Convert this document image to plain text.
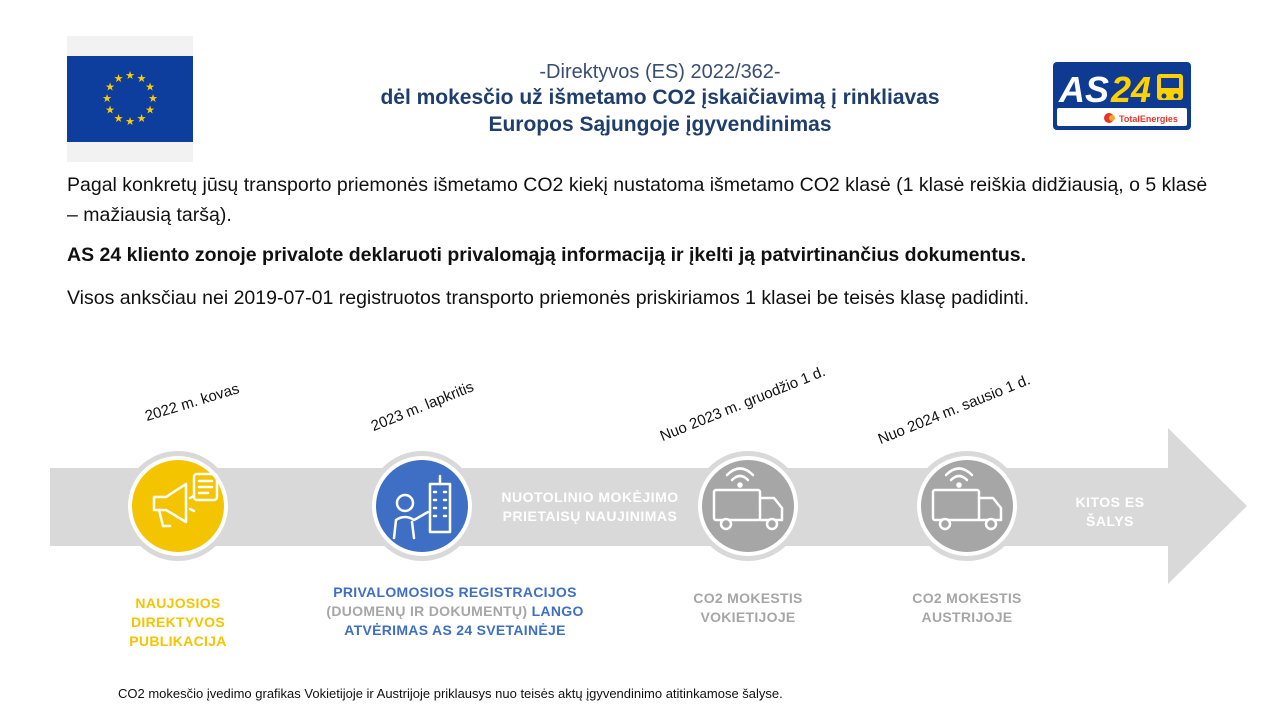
★ ★
★
★
★
★
★
★
★
★
★
★	-Direktyvos (ES) 2022/362-
dėl mokesčio už išmetamo CO2 įskaičiavimą į rinkliavas
Europos Sąjungoje įgyvendinimas
AS 24
TotalEnergies
Pagal konkretų jūsų transporto priemonės išmetamo CO2 kiekį nustatoma išmetamo CO2 klasė (1 klasė reiškia didžiausią, o 5 klasė – mažiausią taršą).
AS 24 kliento zonoje privalote deklaruoti privalomąją informaciją ir įkelti ją patvirtinančius dokumentus.
Visos anksčiau nei 2019-07-01 registruotos transporto priemonės priskiriamos 1 klasei be teisės klasę padidinti.
2022 m. kovas	2023 m. lapkritis	Nuo 2023 m. gruodžio 1 d.	Nuo 2024 m. sausio 1 d.
NUOTOLINIO MOKĖJIMO
PRIETAISŲ NAUJINIMAS
KITOS ES
ŠALYS
NAUJOSIOS
DIREKTYVOS
PUBLIKACIJA
PRIVALOMOSIOS REGISTRACIJOS
(DUOMENŲ IR DOKUMENTŲ) LANGO
ATVĖRIMAS AS 24 SVETAINĖJE
CO2 MOKESTIS
VOKIETIJOJE
CO2 MOKESTIS
AUSTRIJOJE
CO2 mokesčio įvedimo grafikas Vokietijoje ir Austrijoje priklausys nuo teisės aktų įgyvendinimo atitinkamose šalyse.
